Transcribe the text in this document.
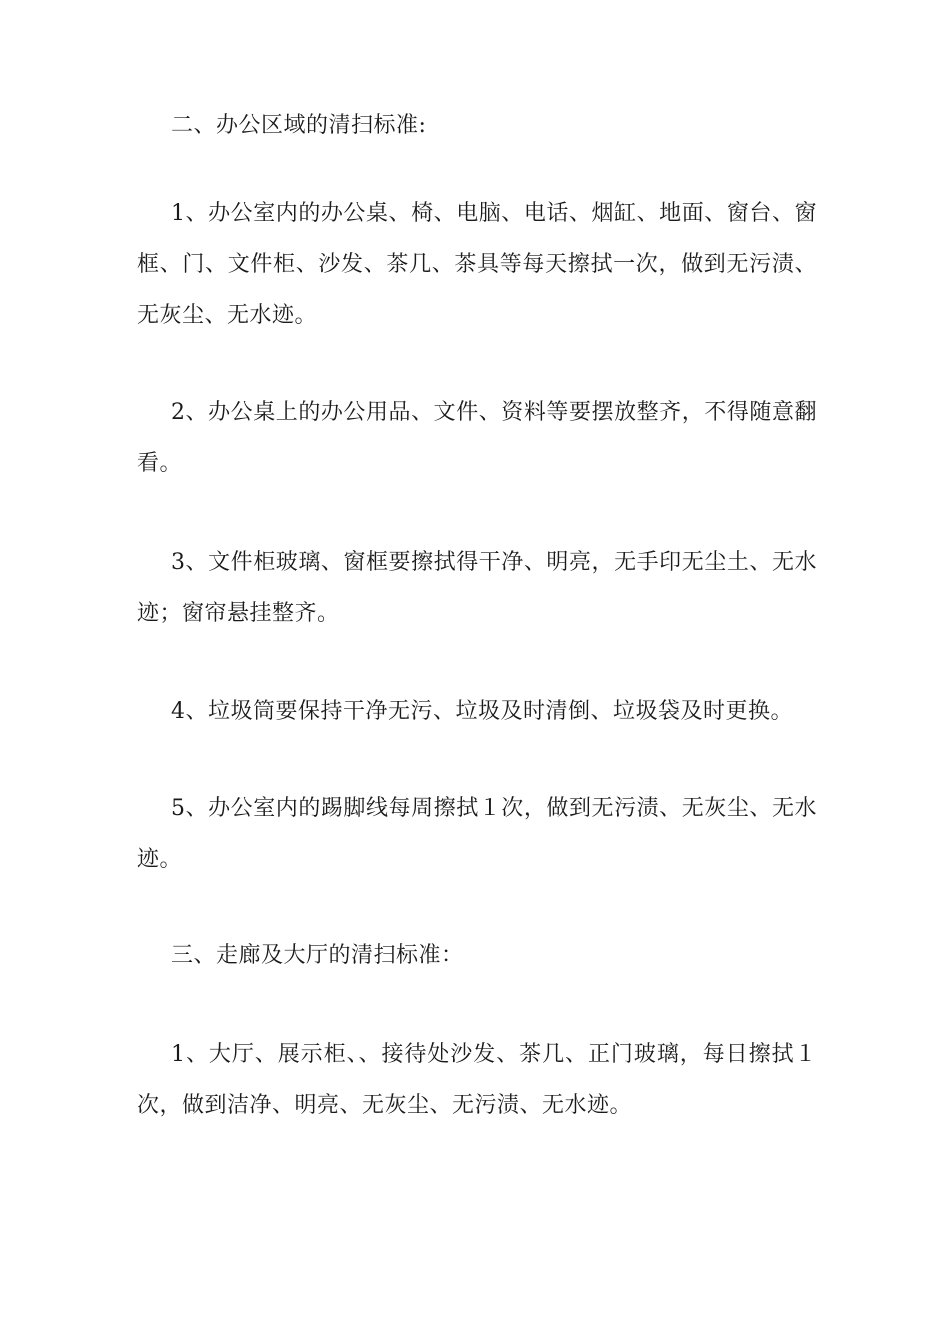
二、办公区域的清扫标准:

1、办公室内的办公桌、椅、电脑、电话、烟缸、地面、窗台、窗框、门、文件柜、沙发、茶几、茶具等每天擦拭一次，做到无污渍、无灰尘、无水迹。

2、办公桌上的办公用品、文件、资料等要摆放整齐，不得随意翻看。

3、文件柜玻璃、窗框要擦拭得干净、明亮，无手印无尘土、无水迹；窗帘悬挂整齐。

4、垃圾筒要保持干净无污、垃圾及时清倒、垃圾袋及时更换。

5、办公室内的踢脚线每周擦拭１次，做到无污渍、无灰尘、无水迹。

三、走廊及大厅的清扫标准：

1、大厅、展示柜、、接待处沙发、茶几、正门玻璃，每日擦拭１次，做到洁净、明亮、无灰尘、无污渍、无水迹。
